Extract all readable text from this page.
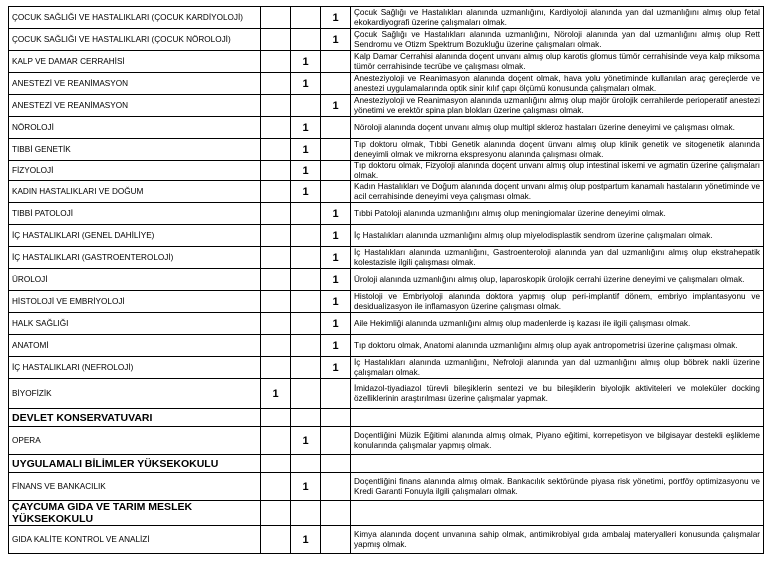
ÇOCUK SAĞLIĞI VE HASTALIKLARI (ÇOCUK KARDİYOLOJİ)			1	Çocuk Sağlığı ve Hastalıkları alanında uzmanlığını, Kardiyoloji alanında yan dal uzmanlığını almış olup fetal ekokardiyografi üzerine çalışmaları olmak.
ÇOCUK SAĞLIĞI VE HASTALIKLARI (ÇOCUK NÖROLOJİ)			1	Çocuk Sağlığı ve Hastalıkları alanında uzmanlığını, Nöroloji alanında yan dal uzmanlığını almış olup Rett Sendromu ve Otizm Spektrum Bozukluğu üzerine çalışmaları olmak.
KALP VE DAMAR CERRAHİSİ		1		Kalp Damar Cerrahisi alanında doçent unvanı almış olup karotis glomus tümör cerrahisinde veya kalp miksoma tümör cerrahisinde tecrübe ve çalışması olmak.
ANESTEZİ VE REANİMASYON		1		Anesteziyoloji ve Reanimasyon alanında doçent olmak, hava yolu yönetiminde kullanılan araç gereçlerde ve anestezi uygulamalarında optik sinir kılıf çapı ölçümü konusunda çalışmaları olmak.
ANESTEZİ VE REANİMASYON			1	Anesteziyoloji ve Reanimasyon alanında uzmanlığını almış olup majör ürolojik cerrahilerde perioperatif anestezi yönetimi ve erektör spina plan blokları üzerine çalışması olmak.
NÖROLOJİ		1		Nöroloji alanında doçent unvanı almış olup multipl skleroz hastaları üzerine deneyimi ve çalışması olmak.
TIBBİ GENETİK		1		Tıp doktoru olmak, Tıbbi Genetik alanında doçent ünvanı almış olup klinik genetik ve sitogenetik alanında deneyimli olmak ve mikrorna ekspresyonu alanında çalışması olmak.
FİZYOLOJİ		1		Tıp doktoru olmak, Fizyoloji alanında doçent unvanı almış olup intestinal iskemi ve agmatin üzerine çalışmaları olmak.
KADIN HASTALIKLARI VE DOĞUM		1		Kadın Hastalıkları ve Doğum alanında doçent unvanı almış olup postpartum kanamalı hastaların yönetiminde ve acil cerrahisinde deneyimi veya çalışması olmak.
TIBBİ PATOLOJİ			1	Tıbbi Patoloji alanında uzmanlığını almış olup meningiomalar üzerine deneyimi olmak.
İÇ HASTALIKLARI (GENEL DAHİLİYE)			1	İç Hastalıkları alanında uzmanlığını almış olup miyelodisplastik sendrom üzerine çalışmaları olmak.
İÇ HASTALIKLARI (GASTROENTEROLOJİ)			1	İç Hastalıkları alanında uzmanlığını, Gastroenteroloji alanında yan dal uzmanlığını almış olup ekstrahepatik kolestazisle ilgili çalışması olmak.
ÜROLOJİ			1	Üroloji alanında uzmanlığını almış olup, laparoskopik ürolojik cerrahi üzerine deneyimi ve çalışmaları olmak.
HİSTOLOJİ VE EMBRİYOLOJİ			1	Histoloji ve Embriyoloji alanında doktora yapmış olup peri-implantif dönem, embriyo implantasyonu ve desidualizasyon ile inflamasyon üzerine çalışması olmak.
HALK SAĞLIĞI			1	Aile Hekimliği alanında uzmanlığını almış olup madenlerde iş kazası ile ilgili çalışması olmak.
ANATOMİ			1	Tıp doktoru olmak, Anatomi alanında uzmanlığını almış olup ayak antropometrisi üzerine çalışması olmak.
İÇ HASTALIKLARI (NEFROLOJİ)			1	İç Hastalıkları alanında uzmanlığını, Nefroloji alanında yan dal uzmanlığını almış olup böbrek nakli üzerine çalışmaları olmak.
BİYOFİZİK	1			İmidazol-tiyadiazol türevli bileşiklerin sentezi ve bu bileşiklerin biyolojik aktiviteleri ve moleküler docking özelliklerinin araştırılması üzerine çalışmalar yapmak.
DEVLET KONSERVATUVARI				
OPERA		1		Doçentliğini Müzik Eğitimi alanında almış olmak, Piyano eğitimi, korrepetisyon ve bilgisayar destekli eşlikleme konularında çalışmalar yapmış olmak.
UYGULAMALI BİLİMLER YÜKSEKOKULU				
FİNANS VE BANKACILIK		1		Doçentliğini finans alanında almış olmak. Bankacılık sektöründe piyasa risk yönetimi, portföy optimizasyonu ve Kredi Garanti Fonuyla ilgili çalışmaları olmak.
ÇAYCUMA GIDA VE TARIM MESLEK YÜKSEKOKULU				
GIDA KALİTE KONTROL VE ANALİZİ		1		Kimya alanında doçent unvanına sahip olmak, antimikrobiyal gıda ambalaj materyalleri konusunda çalışmalar yapmış olmak.
